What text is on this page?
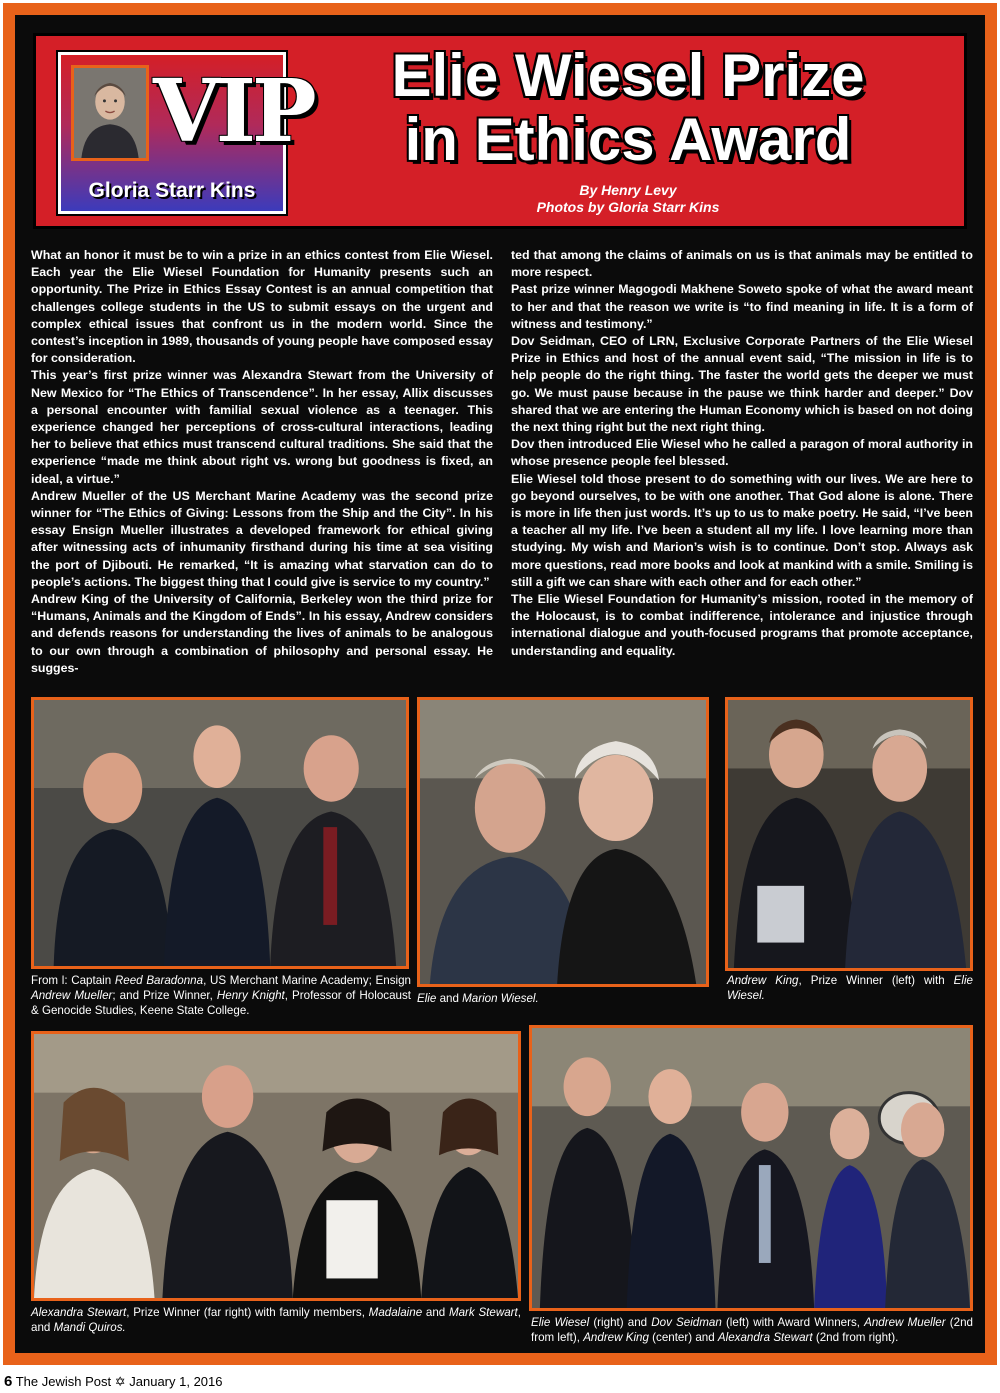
VIP
Gloria Starr Kins
Elie Wiesel Prize
in Ethics Award
By Henry Levy
Photos by Gloria Starr Kins

What an honor it must be to win a prize in an ethics contest from Elie Wiesel. Each year the Elie Wiesel Foundation for Humanity presents such an opportunity. The Prize in Ethics Essay Contest is an annual competition that challenges college students in the US to submit essays on the urgent and complex ethical issues that confront us in the modern world. Since the contest’s inception in 1989, thousands of young people have composed essay for consideration.

This year’s first prize winner was Alexandra Stewart from the University of New Mexico for “The Ethics of Transcendence”. In her essay, Allix discusses a personal encounter with familial sexual violence as a teenager. This experience changed her perceptions of cross-cultural interactions, leading her to believe that ethics must transcend cultural traditions. She said that the experience “made me think about right vs. wrong but goodness is fixed, an ideal, a virtue.”

Andrew Mueller of the US Merchant Marine Academy was the second prize winner for “The Ethics of Giving: Lessons from the Ship and the City”. In his essay Ensign Mueller illustrates a developed framework for ethical giving after witnessing acts of inhumanity firsthand during his time at sea visiting the port of Djibouti. He remarked, “It is amazing what starvation can do to people’s actions. The biggest thing that I could give is service to my country.”

Andrew King of the University of California, Berkeley won the third prize for “Humans, Animals and the Kingdom of Ends”. In his essay, Andrew considers and defends reasons for understanding the lives of animals to be analogous to our own through a combination of philosophy and personal essay. He sugges-

ted that among the claims of animals on us is that animals may be entitled to more respect.

Past prize winner Magogodi Makhene Soweto spoke of what the award meant to her and that the reason we write is “to find meaning in life. It is a form of witness and testimony.”

Dov Seidman, CEO of LRN, Exclusive Corporate Partners of the Elie Wiesel Prize in Ethics and host of the annual event said, “The mission in life is to help people do the right thing. The faster the world gets the deeper we must go. We must pause because in the pause we think harder and deeper.” Dov shared that we are entering the Human Economy which is based on not doing the next thing right but the next right thing.

Dov then introduced Elie Wiesel who he called a paragon of moral authority in whose presence people feel blessed.

Elie Wiesel told those present to do something with our lives. We are here to go beyond ourselves, to be with one another. That God alone is alone. There is more in life then just words. It’s up to us to make poetry. He said, “I’ve been a teacher all my life. I’ve been a student all my life. I love learning more than studying. My wish and Marion’s wish is to continue. Don’t stop. Always ask more questions, read more books and look at mankind with a smile. Smiling is still a gift we can share with each other and for each other.”

The Elie Wiesel Foundation for Humanity’s mission, rooted in the memory of the Holocaust, is to combat indifference, intolerance and injustice through international dialogue and youth-focused programs that promote acceptance, understanding and equality.

From l: Captain Reed Baradonna, US Merchant Marine Academy; Ensign Andrew Mueller; and Prize Winner, Henry Knight, Professor of Holocaust & Genocide Studies, Keene State College.
Elie and Marion Wiesel.
Andrew King, Prize Winner (left) with Elie Wiesel.
Alexandra Stewart, Prize Winner (far right) with family members, Madalaine and Mark Stewart, and Mandi Quiros.	Elie Wiesel (right) and Dov Seidman (left) with Award Winners, Andrew Mueller (2nd from left), Andrew King (center) and Alexandra Stewart (2nd from right).
6 The Jewish Post ✡ January 1, 2016
